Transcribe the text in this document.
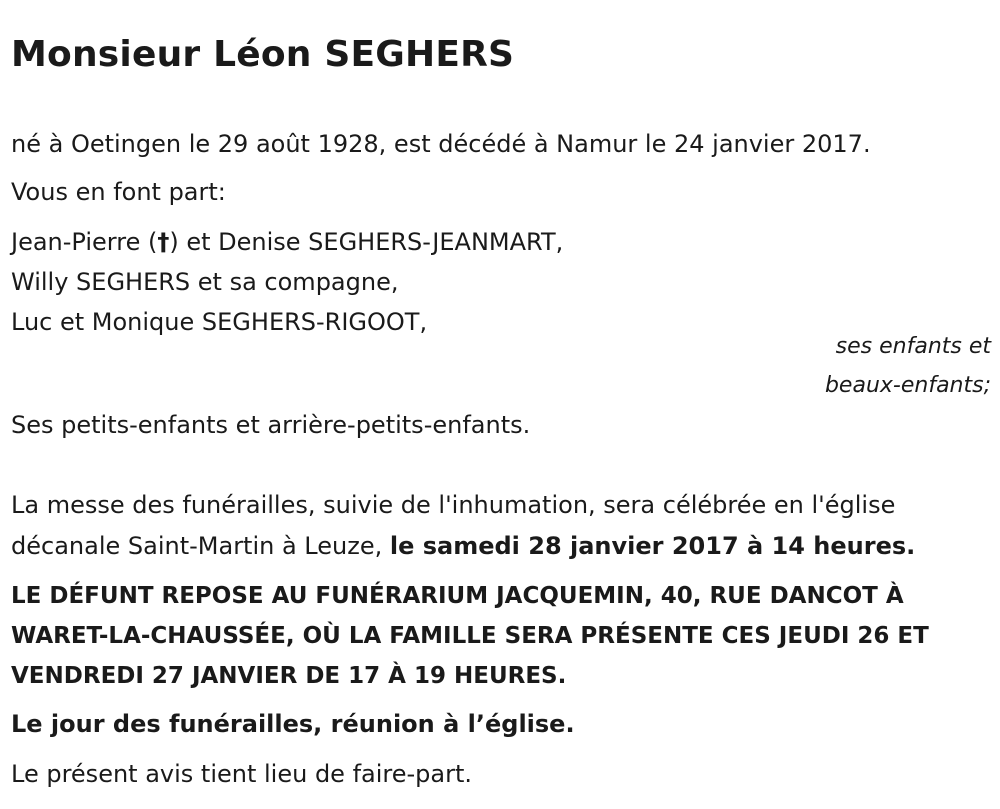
Monsieur Léon SEGHERS

né à Oetingen le 29 août 1928, est décédé à Namur le 24 janvier 2017.

Vous en font part:

Jean-Pierre (†) et Denise SEGHERS-JEANMART,

Willy SEGHERS et sa compagne,

Luc et Monique SEGHERS-RIGOOT,

ses enfants et

beaux-enfants;

Ses petits-enfants et arrière-petits-enfants.

La messe des funérailles, suivie de l'inhumation, sera célébrée en l'église

décanale Saint-Martin à Leuze, le samedi 28 janvier 2017 à 14 heures.

LE DÉFUNT REPOSE AU FUNÉRARIUM JACQUEMIN, 40, RUE DANCOT À
WARET-LA-CHAUSSÉE, OÙ LA FAMILLE SERA PRÉSENTE CES JEUDI 26 ET
VENDREDI 27 JANVIER DE 17 À 19 HEURES.

Le jour des funérailles, réunion à l’église.

Le présent avis tient lieu de faire-part.
